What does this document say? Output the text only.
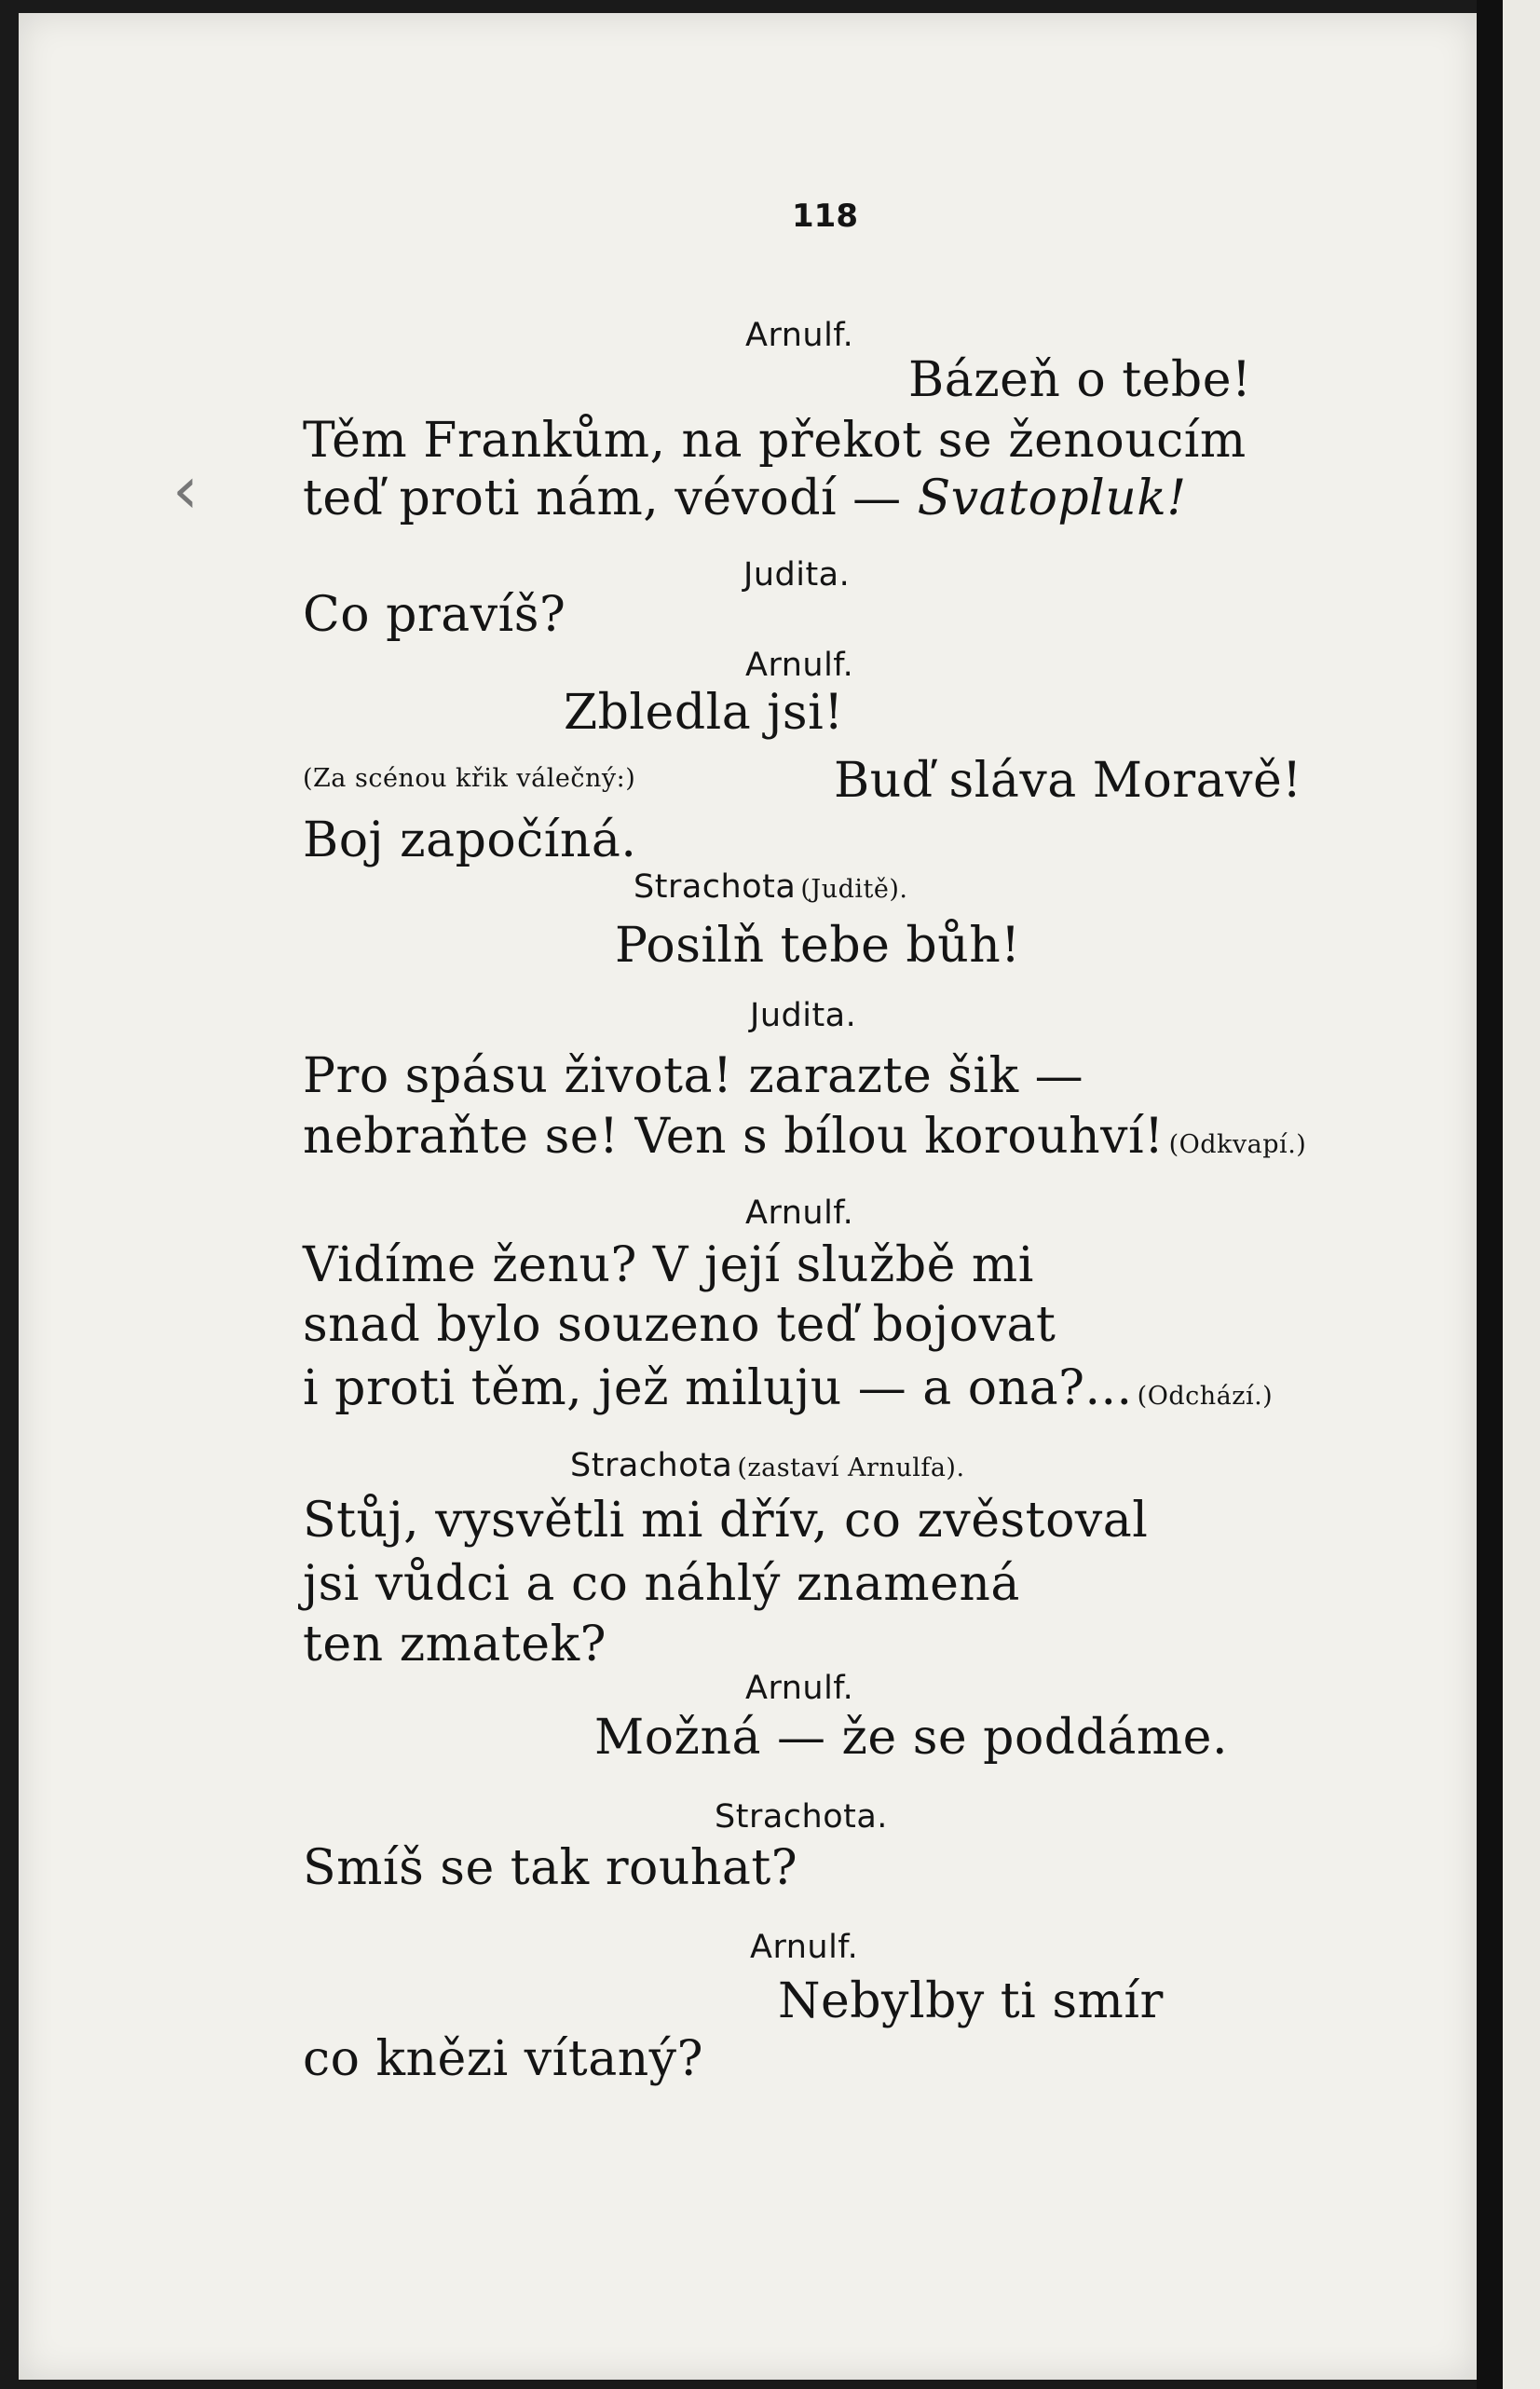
‹
118
Arnulf.
Bázeň o tebe!
Těm Frankům, na překot se ženoucím
teď proti nám, vévodí — Svatopluk!
Judita.
Co pravíš?
Arnulf.
Zbledla jsi!
(Za scénou křik válečný:)	Buď sláva Moravě!
Boj započíná.
Strachota (Juditě).
Posilň tebe bůh!
Judita.
Pro spásu života! zarazte šik —
nebraňte se! Ven s bílou korouhví! (Odkvapí.)
Arnulf.
Vidíme ženu? V její službě mi
snad bylo souzeno teď bojovat
i proti těm, jež miluju — a ona?... (Odchází.)
Strachota (zastaví Arnulfa).
Stůj, vysvětli mi dřív, co zvěstoval
jsi vůdci a co náhlý znamená
ten zmatek?
Arnulf.
Možná — že se poddáme.
Strachota.
Smíš se tak rouhat?
Arnulf.
Nebylby ti smír
co knězi vítaný?
